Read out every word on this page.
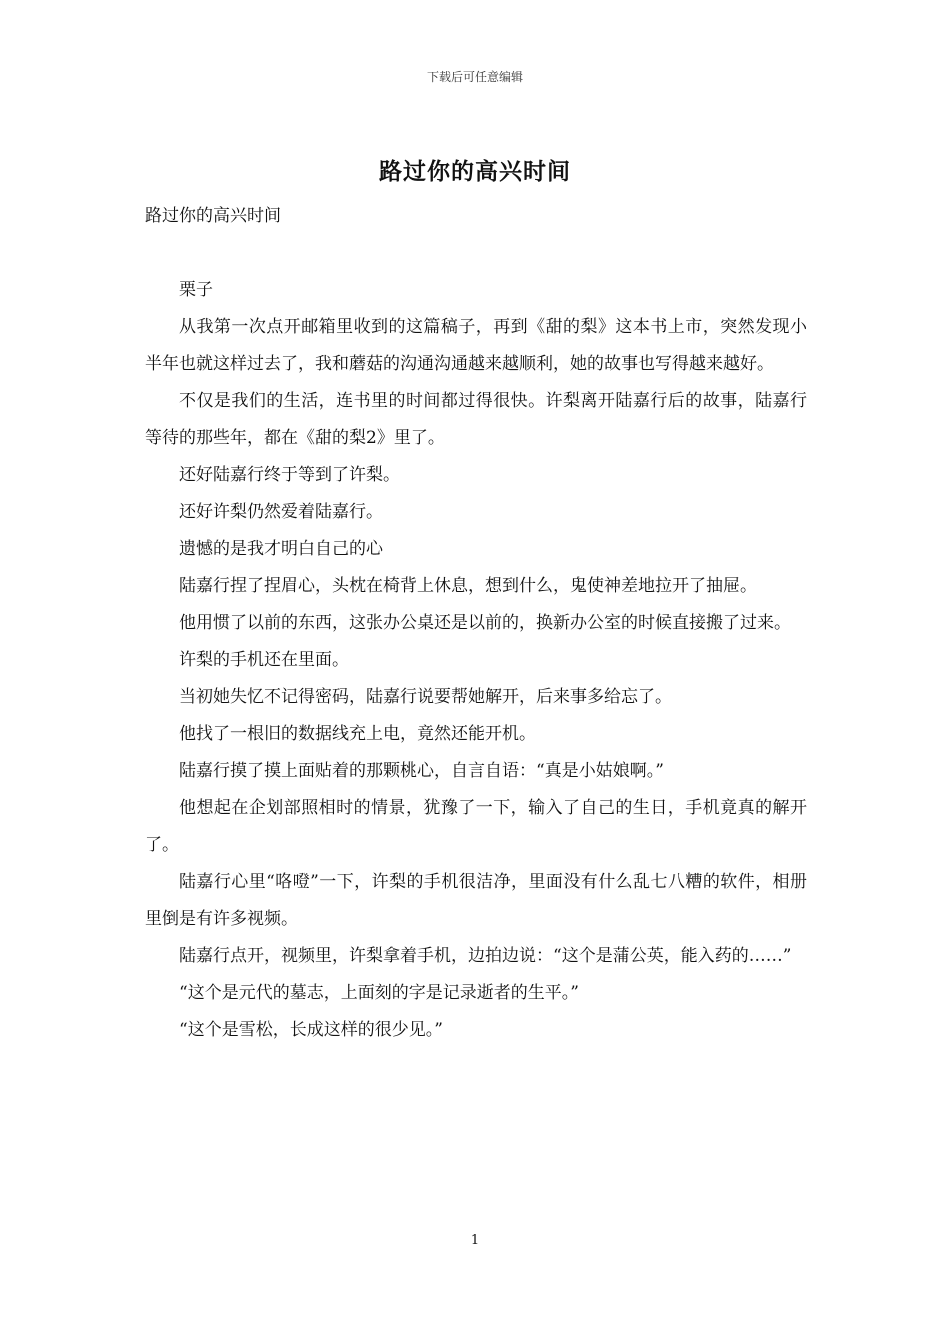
下载后可任意编辑
路过你的高兴时间

路过你的高兴时间

栗子

从我第一次点开邮箱里收到的这篇稿子，再到《甜的梨》这本书上市，突然发现小半年也就这样过去了，我和蘑菇的沟通沟通越来越顺利，她的故事也写得越来越好。

不仅是我们的生活，连书里的时间都过得很快。许梨离开陆嘉行后的故事，陆嘉行等待的那些年，都在《甜的梨2》里了。

还好陆嘉行终于等到了许梨。

还好许梨仍然爱着陆嘉行。

遗憾的是我才明白自己的心

陆嘉行捏了捏眉心，头枕在椅背上休息，想到什么，鬼使神差地拉开了抽屉。

他用惯了以前的东西，这张办公桌还是以前的，换新办公室的时候直接搬了过来。

许梨的手机还在里面。

当初她失忆不记得密码，陆嘉行说要帮她解开，后来事多给忘了。

他找了一根旧的数据线充上电，竟然还能开机。

陆嘉行摸了摸上面贴着的那颗桃心，自言自语：“真是小姑娘啊。”

他想起在企划部照相时的情景，犹豫了一下，输入了自己的生日，手机竟真的解开了。

陆嘉行心里“咯噔”一下，许梨的手机很洁净，里面没有什么乱七八糟的软件，相册里倒是有许多视频。

陆嘉行点开，视频里，许梨拿着手机，边拍边说：“这个是蒲公英，能入药的……”

“这个是元代的墓志，上面刻的字是记录逝者的生平。”

“这个是雪松，长成这样的很少见。”

1
